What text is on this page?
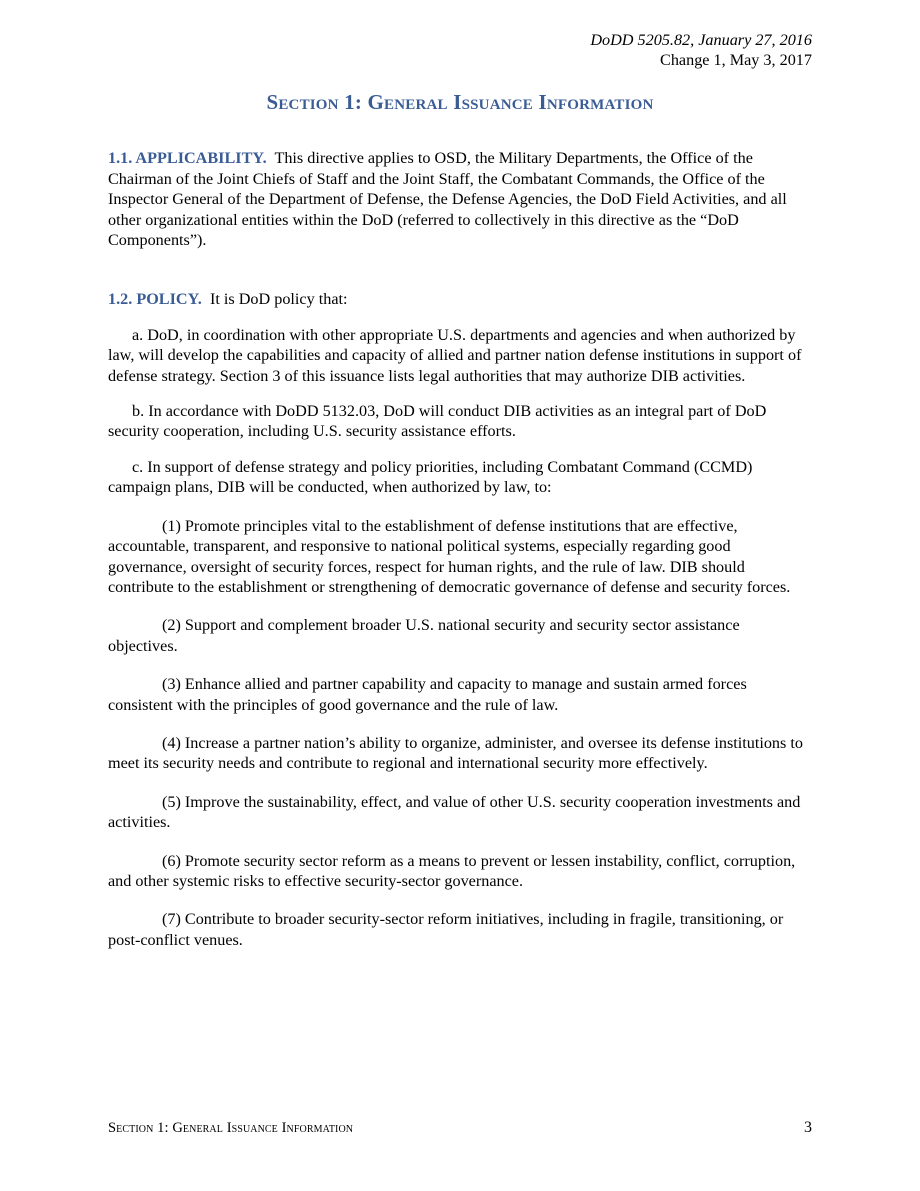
DoDD 5205.82, January 27, 2016
Change 1, May 3, 2017
Section 1: General Issuance Information

1.1. APPLICABILITY. This directive applies to OSD, the Military Departments, the Office of the Chairman of the Joint Chiefs of Staff and the Joint Staff, the Combatant Commands, the Office of the Inspector General of the Department of Defense, the Defense Agencies, the DoD Field Activities, and all other organizational entities within the DoD (referred to collectively in this directive as the “DoD Components”).

1.2. POLICY. It is DoD policy that:

a. DoD, in coordination with other appropriate U.S. departments and agencies and when authorized by law, will develop the capabilities and capacity of allied and partner nation defense institutions in support of defense strategy. Section 3 of this issuance lists legal authorities that may authorize DIB activities.

b. In accordance with DoDD 5132.03, DoD will conduct DIB activities as an integral part of DoD security cooperation, including U.S. security assistance efforts.

c. In support of defense strategy and policy priorities, including Combatant Command (CCMD) campaign plans, DIB will be conducted, when authorized by law, to:

(1) Promote principles vital to the establishment of defense institutions that are effective, accountable, transparent, and responsive to national political systems, especially regarding good governance, oversight of security forces, respect for human rights, and the rule of law. DIB should contribute to the establishment or strengthening of democratic governance of defense and security forces.

(2) Support and complement broader U.S. national security and security sector assistance objectives.

(3) Enhance allied and partner capability and capacity to manage and sustain armed forces consistent with the principles of good governance and the rule of law.

(4) Increase a partner nation’s ability to organize, administer, and oversee its defense institutions to meet its security needs and contribute to regional and international security more effectively.

(5) Improve the sustainability, effect, and value of other U.S. security cooperation investments and activities.

(6) Promote security sector reform as a means to prevent or lessen instability, conflict, corruption, and other systemic risks to effective security-sector governance.

(7) Contribute to broader security-sector reform initiatives, including in fragile, transitioning, or post-conflict venues.

Section 1: General Issuance Information	3
